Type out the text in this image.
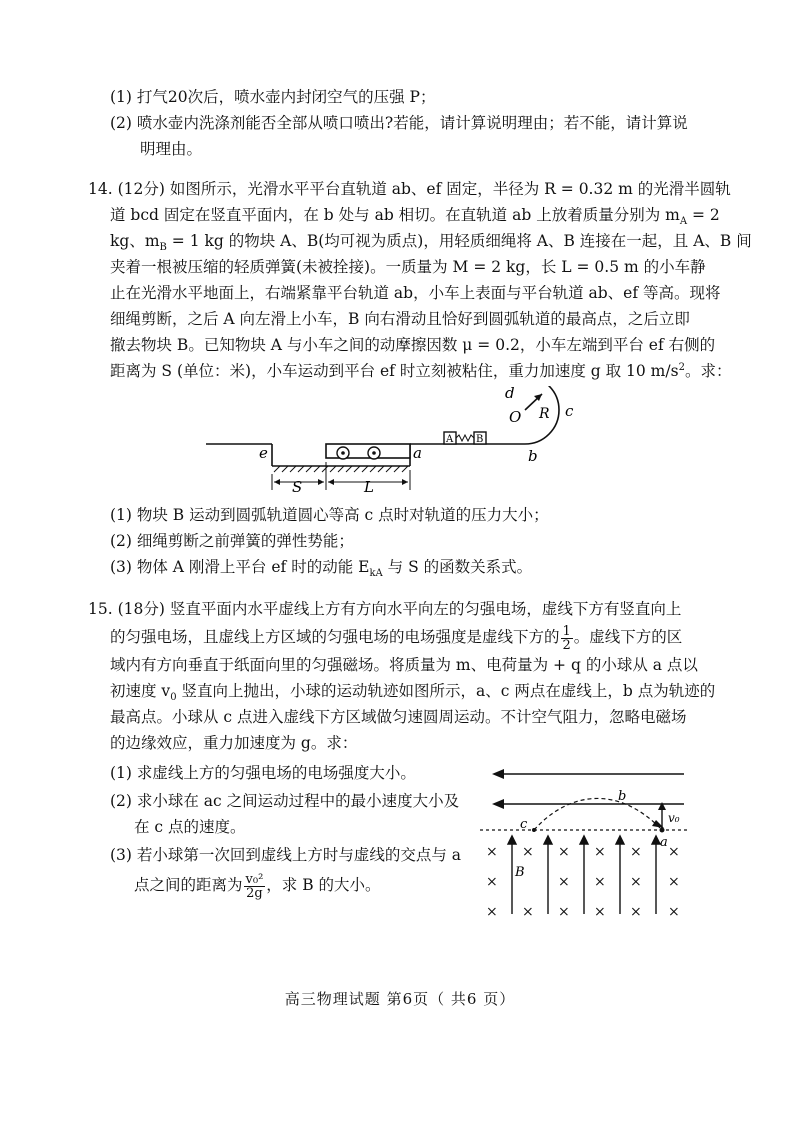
(1) 打气20次后，喷水壶内封闭空气的压强 P；
(2) 喷水壶内洗涤剂能否全部从喷口喷出?若能，请计算说明理由；若不能，请计算说
明理由。
14. (12分) 如图所示，光滑水平平台直轨道 ab、ef 固定，半径为 R = 0.32 m 的光滑半圆轨
道 bcd 固定在竖直平面内，在 b 处与 ab 相切。在直轨道 ab 上放着质量分别为 $m_A = 2$
kg、$m_B = 1$ kg 的物块 A、B(均可视为质点)，用轻质细绳将 A、B 连接在一起，且 A、B 间
夹着一根被压缩的轻质弹簧(未被拴接)。一质量为 M = 2 kg，长 L = 0.5 m 的小车静
止在光滑水平地面上，右端紧靠平台轨道 ab，小车上表面与平台轨道 ab、ef 等高。现将
细绳剪断，之后 A 向左滑上小车，B 向右滑动且恰好到圆弧轨道的最高点，之后立即
撤去物块 B。已知物块 A 与小车之间的动摩擦因数 μ = 0.2，小车左端到平台 ef 右侧的
距离为 S (单位：米)，小车运动到平台 ef 时立刻被粘住，重力加速度 g 取 10 $m/s^2$。求：
A B
d
O R c
e	a	b
S	L
(1) 物块 B 运动到圆弧轨道圆心等高 c 点时对轨道的压力大小；
(2) 细绳剪断之前弹簧的弹性势能；
(3) 物体 A 刚滑上平台 ef 时的动能 $E_{kA}$ 与 S 的函数关系式。
15. (18分) 竖直平面内水平虚线上方有方向水平向左的匀强电场，虚线下方有竖直向上
的匀强电场，且虚线上方区域的匀强电场的电场强度是虚线下方的 $\frac{1}{2}$ 。虚线下方的区
域内有方向垂直于纸面向里的匀强磁场。将质量为 m、电荷量为 + q 的小球从 a 点以
初速度 $v_0$ 竖直向上抛出，小球的运动轨迹如图所示，a、c 两点在虚线上，b 点为轨迹的
最高点。小球从 c 点进入虚线下方区域做匀速圆周运动。不计空气阻力，忽略电磁场
的边缘效应，重力加速度为 g。求：
(1) 求虚线上方的匀强电场的电场强度大小。
(2) 求小球在 ac 之间运动过程中的最小速度大小及
在 c 点的速度。
(3) 若小球第一次回到虚线上方时与虚线的交点与 a
点之间的距离为 $\frac{\text{v₀²}}{2g}$ ，求 B 的大小。
b
c
a
v₀
B
× × × × × ×
×	× × × ×
× × × × × ×
高三物理试题 第6页（ 共6 页）
